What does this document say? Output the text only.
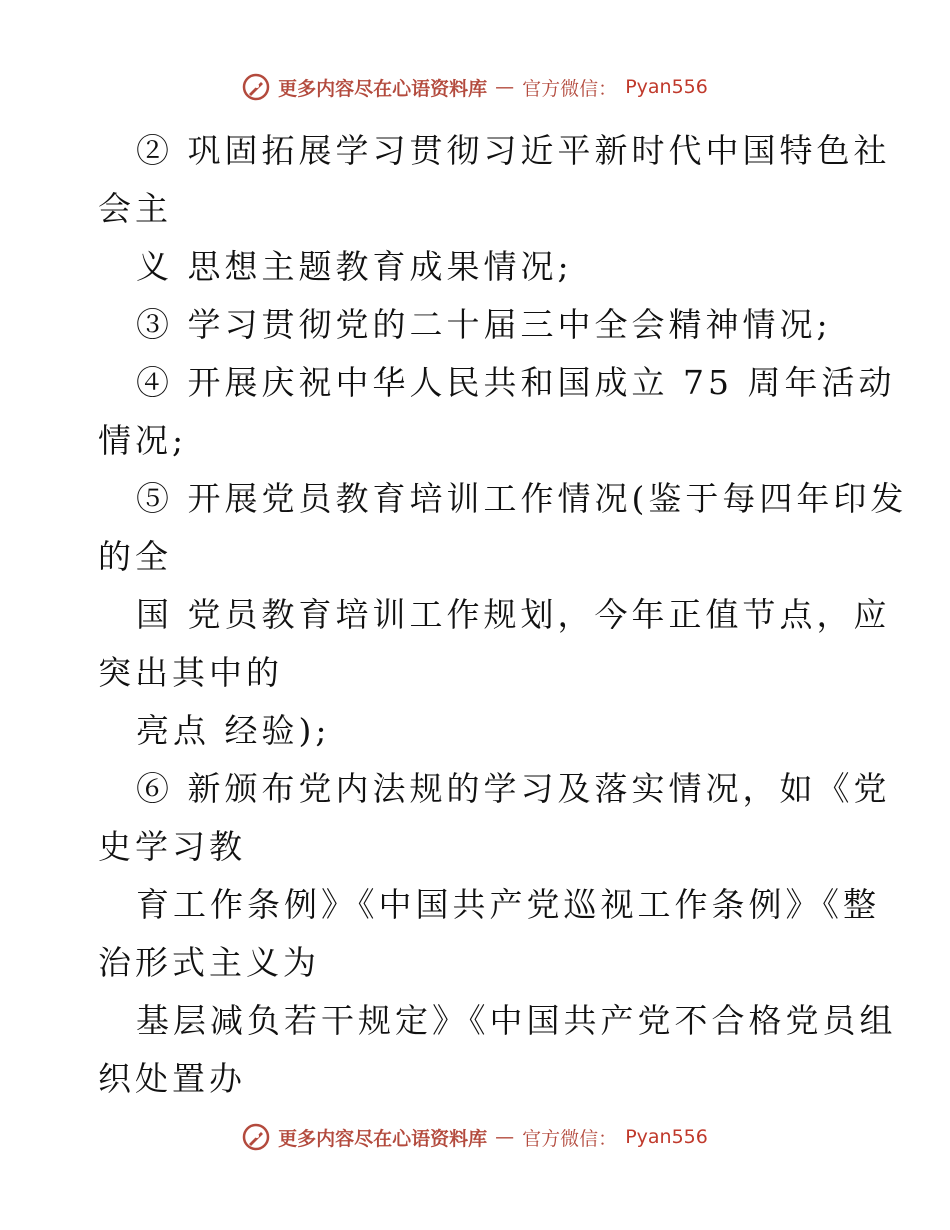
更多内容尽在心语资料库 — 官方微信： Pyan556
② 巩固拓展学习贯彻习近平新时代中国特色社
会主
义 思想主题教育成果情况;
③ 学习贯彻党的二十届三中全会精神情况;
④ 开展庆祝中华人民共和国成立 75 周年活动
情况;
⑤ 开展党员教育培训工作情况(鉴于每四年印发
的全
国 党员教育培训工作规划，今年正值节点，应
突出其中的
亮点 经验);
⑥ 新颁布党内法规的学习及落实情况，如《党
史学习教
育工作条例》《中国共产党巡视工作条例》《整
治形式主义为
基层减负若干规定》《中国共产党不合格党员组
织处置办
更多内容尽在心语资料库 — 官方微信： Pyan556
